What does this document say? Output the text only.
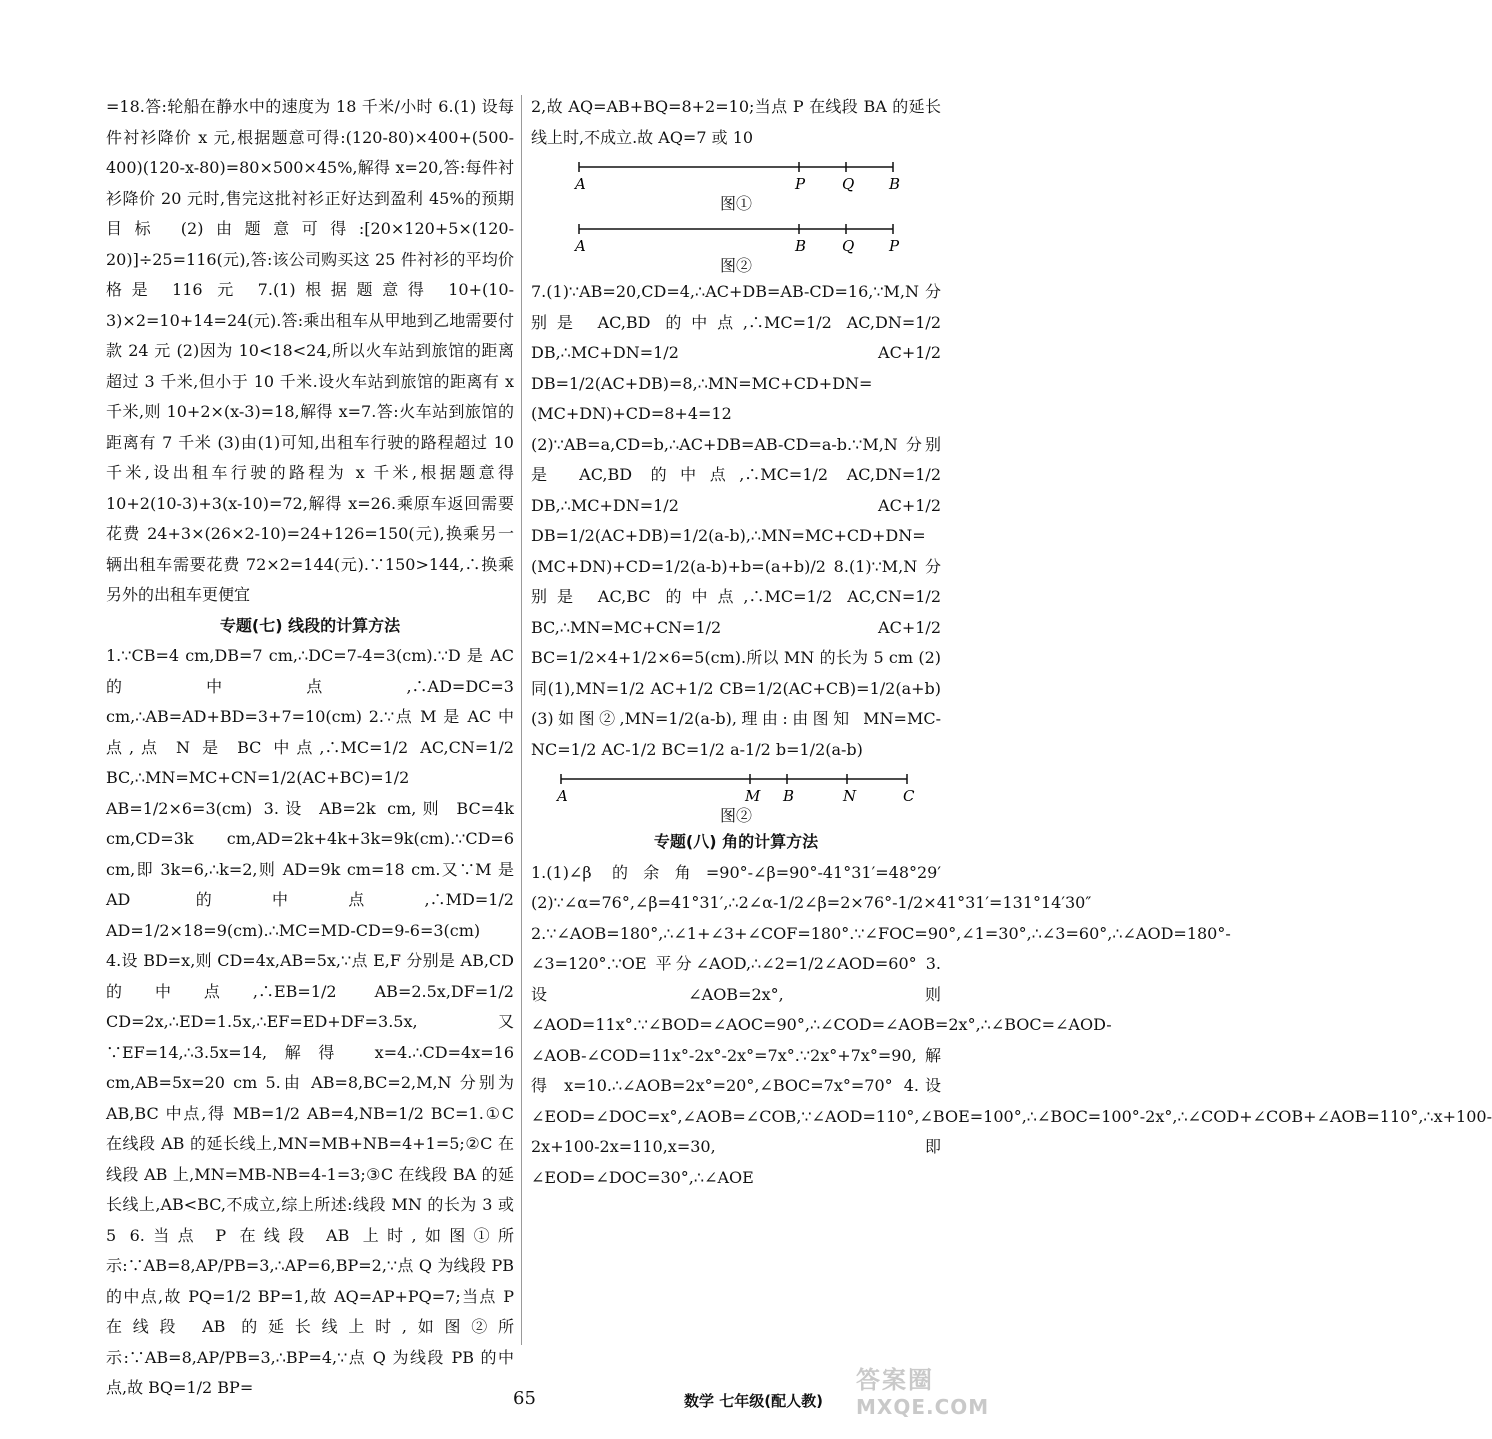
=18.答:轮船在静水中的速度为 18 千米/小时 6.(1) 设每件衬衫降价 x 元,根据题意可得:(120-80)×400+(500-400)(120-x-80)=80×500×45%,解得 x=20,答:每件衬衫降价 20 元时,售完这批衬衫正好达到盈利 45%的预期目标 (2)由题意可得:[20×120+5×(120-20)]÷25=116(元),答:该公司购买这 25 件衬衫的平均价格是 116 元 7.(1)根据题意得 10+(10-3)×2=10+14=24(元).答:乘出租车从甲地到乙地需要付款 24 元 (2)因为 10<18<24,所以火车站到旅馆的距离超过 3 千米,但小于 10 千米.设火车站到旅馆的距离有 x 千米,则 10+2×(x-3)=18,解得 x=7.答:火车站到旅馆的距离有 7 千米 (3)由(1)可知,出租车行驶的路程超过 10 千米,设出租车行驶的路程为 x 千米,根据题意得 10+2(10-3)+3(x-10)=72,解得 x=26.乘原车返回需要花费 24+3×(26×2-10)=24+126=150(元),换乘另一辆出租车需要花费 72×2=144(元).∵150>144,∴换乘另外的出租车更便宜

专题(七) 线段的计算方法

1.∵CB=4 cm,DB=7 cm,∴DC=7-4=3(cm).∵D 是 AC 的中点,∴AD=DC=3 cm,∴AB=AD+BD=3+7=10(cm) 2.∵点 M 是 AC 中点,点 N 是 BC 中点,∴MC=1/2 AC,CN=1/2 BC,∴MN=MC+CN=1/2(AC+BC)=1/2 AB=1/2×6=3(cm) 3.设 AB=2k cm,则 BC=4k cm,CD=3k cm,AD=2k+4k+3k=9k(cm).∵CD=6 cm,即 3k=6,∴k=2,则 AD=9k cm=18 cm.又∵M 是 AD 的中点,∴MD=1/2 AD=1/2×18=9(cm).∴MC=MD-CD=9-6=3(cm)

4.设 BD=x,则 CD=4x,AB=5x,∵点 E,F 分别是 AB,CD 的中点,∴EB=1/2 AB=2.5x,DF=1/2 CD=2x,∴ED=1.5x,∴EF=ED+DF=3.5x,又∵EF=14,∴3.5x=14,解得 x=4.∴CD=4x=16 cm,AB=5x=20 cm 5.由 AB=8,BC=2,M,N 分别为 AB,BC 中点,得 MB=1/2 AB=4,NB=1/2 BC=1.①C 在线段 AB 的延长线上,MN=MB+NB=4+1=5;②C 在线段 AB 上,MN=MB-NB=4-1=3;③C 在线段 BA 的延长线上,AB<BC,不成立,综上所述:线段 MN 的长为 3 或 5 6.当点 P 在线段 AB 上时,如图①所示:∵AB=8,AP/PB=3,∴AP=6,BP=2,∵点 Q 为线段 PB 的中点,故 PQ=1/2 BP=1,故 AQ=AP+PQ=7;当点 P 在线段 AB 的延长线上时,如图②所示:∵AB=8,AP/PB=3,∴BP=4,∵点 Q 为线段 PB 的中点,故 BQ=1/2 BP=

2,故 AQ=AB+BQ=8+2=10;当点 P 在线段 BA 的延长线上时,不成立.故 AQ=7 或 10

A	P Q B

图①

A	B Q P

图②

7.(1)∵AB=20,CD=4,∴AC+DB=AB-CD=16,∵M,N 分别是 AC,BD 的中点,∴MC=1/2 AC,DN=1/2 DB,∴MC+DN=1/2 AC+1/2 DB=1/2(AC+DB)=8,∴MN=MC+CD+DN=(MC+DN)+CD=8+4=12 (2)∵AB=a,CD=b,∴AC+DB=AB-CD=a-b.∵M,N 分别是 AC,BD 的中点,∴MC=1/2 AC,DN=1/2 DB,∴MC+DN=1/2 AC+1/2 DB=1/2(AC+DB)=1/2(a-b),∴MN=MC+CD+DN=(MC+DN)+CD=1/2(a-b)+b=(a+b)/2 8.(1)∵M,N 分别是 AC,BC 的中点,∴MC=1/2 AC,CN=1/2 BC,∴MN=MC+CN=1/2 AC+1/2 BC=1/2×4+1/2×6=5(cm).所以 MN 的长为 5 cm (2)同(1),MN=1/2 AC+1/2 CB=1/2(AC+CB)=1/2(a+b) (3)如图②,MN=1/2(a-b),理由:由图知 MN=MC-NC=1/2 AC-1/2 BC=1/2 a-1/2 b=1/2(a-b)

A	M B	N	C

图②

专题(八) 角的计算方法

1.(1)∠β 的余角=90°-∠β=90°-41°31′=48°29′ (2)∵∠α=76°,∠β=41°31′,∴2∠α-1/2∠β=2×76°-1/2×41°31′=131°14′30″ 2.∵∠AOB=180°,∴∠1+∠3+∠COF=180°.∵∠FOC=90°,∠1=30°,∴∠3=60°,∴∠AOD=180°-∠3=120°.∵OE 平分∠AOD,∴∠2=1/2∠AOD=60° 3.设∠AOB=2x°,则∠AOD=11x°.∵∠BOD=∠AOC=90°,∴∠COD=∠AOB=2x°,∴∠BOC=∠AOD-∠AOB-∠COD=11x°-2x°-2x°=7x°.∵2x°+7x°=90,解得 x=10.∴∠AOB=2x°=20°,∠BOC=7x°=70° 4.设∠EOD=∠DOC=x°,∠AOB=∠COB,∵∠AOD=110°,∠BOE=100°,∴∠BOC=100°-2x°,∴∠COD+∠COB+∠AOB=110°,∴x+100-2x+100-2x=110,x=30,即∠EOD=∠DOC=30°,∴∠AOE

65	数学 七年级(配人教)
答案圈
MXQE.COM
